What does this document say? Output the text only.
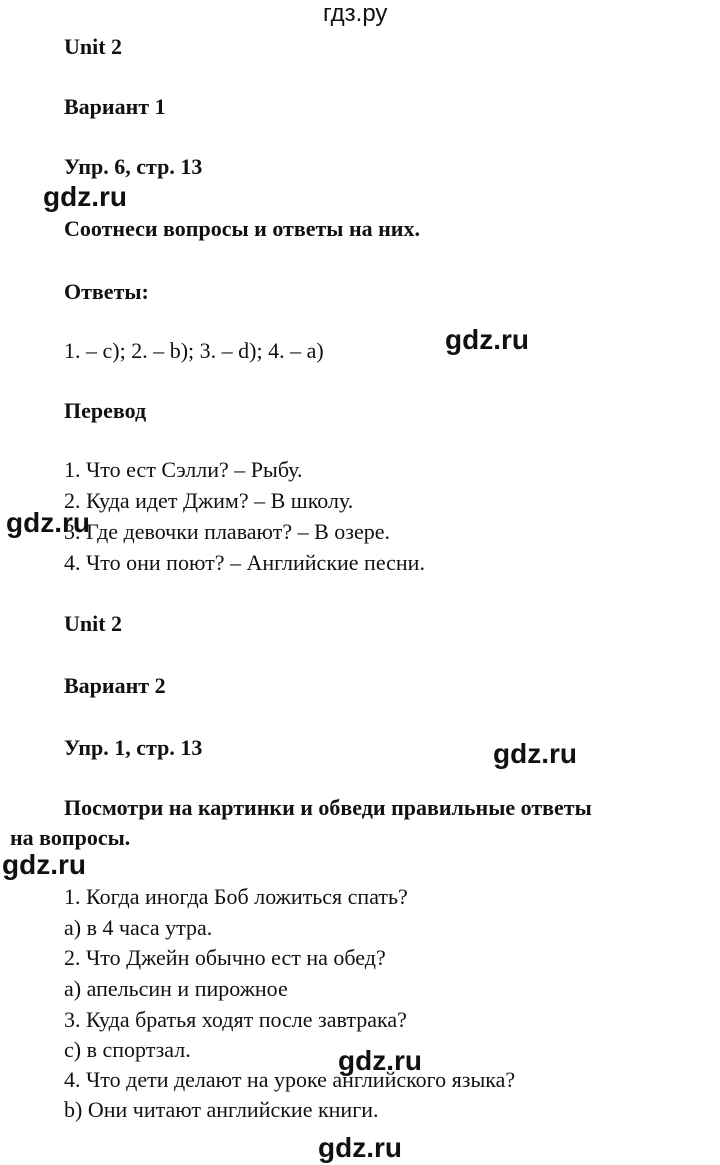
гдз.ру
Unit 2
Вариант 1
Упр. 6, стр. 13
Соотнеси вопросы и ответы на них.
Ответы:
1. – c); 2. – b); 3. – d); 4. – a)
Перевод
1. Что ест Сэлли? – Рыбу.
2. Куда идет Джим? – В школу.
3. Где девочки плавают? – В озере.
4. Что они поют? – Английские песни.
Unit 2
Вариант 2
Упр. 1, стр. 13
Посмотри на картинки и обведи правильные ответы
на вопросы.
1. Когда иногда Боб ложиться спать?
a) в 4 часа утра.
2. Что Джейн обычно ест на обед?
a) апельсин и пирожное
3. Куда братья ходят после завтрака?
c) в спортзал.
4. Что дети делают на уроке английского языка?
b) Они читают английские книги.
gdz.ru
gdz.ru
gdz.ru
gdz.ru
gdz.ru
gdz.ru
gdz.ru
